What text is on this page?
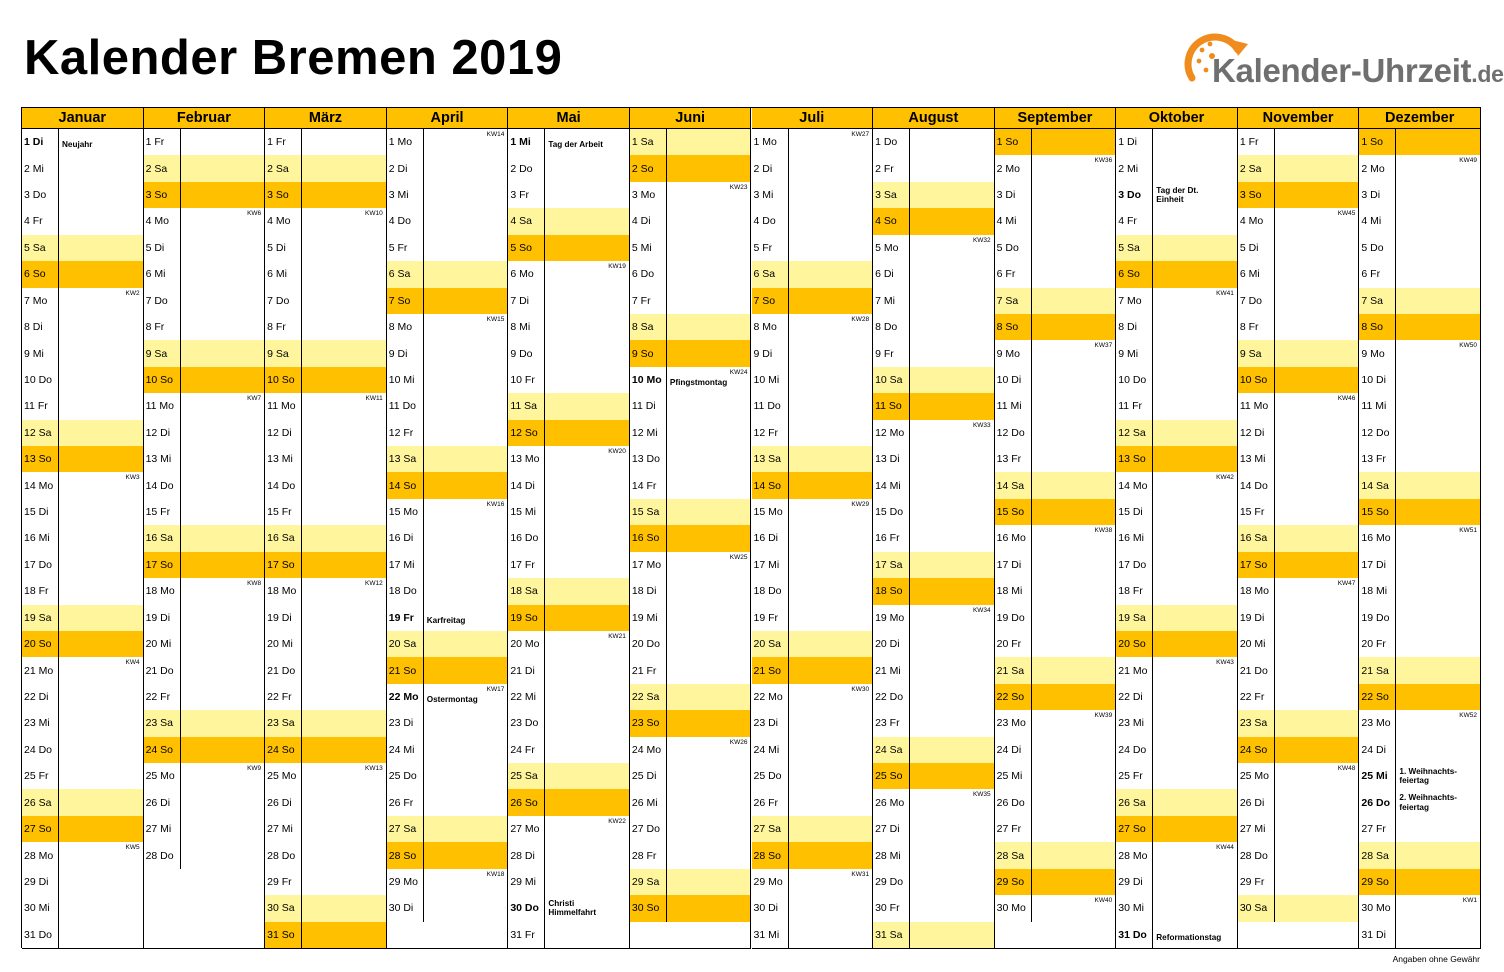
Kalender Bremen 2019	Kalender-Uhrzeit.de
Januar
1 Di Neujahr
2 Mi
3 Do
4 Fr
5 Sa
6 So
7 Mo
KW2
8 Di
9 Mi
10 Do
11 Fr
12 Sa
13 So
14 Mo
KW3
15 Di
16 Mi
17 Do
18 Fr
19 Sa
20 So
21 Mo
KW4
22 Di
23 Mi
24 Do
25 Fr
26 Sa
27 So
28 Mo
KW5
29 Di
30 Mi
31 Do
Februar
1 Fr
2 Sa
3 So
4 Mo
KW6
5 Di
6 Mi
7 Do
8 Fr
9 Sa
10 So
11 Mo
KW7
12 Di
13 Mi
14 Do
15 Fr
16 Sa
17 So
18 Mo
KW8
19 Di
20 Mi
21 Do
22 Fr
23 Sa
24 So
25 Mo
KW9
26 Di
27 Mi
28 Do
März
1 Fr
2 Sa
3 So
4 Mo
KW10
5 Di
6 Mi
7 Do
8 Fr
9 Sa
10 So
11 Mo
KW11
12 Di
13 Mi
14 Do
15 Fr
16 Sa
17 So
18 Mo
KW12
19 Di
20 Mi
21 Do
22 Fr
23 Sa
24 So
25 Mo
KW13
26 Di
27 Mi
28 Do
29 Fr
30 Sa
31 So
April
1 Mo
KW14
2 Di
3 Mi
4 Do
5 Fr
6 Sa
7 So
8 Mo
KW15
9 Di
10 Mi
11 Do
12 Fr
13 Sa
14 So
15 Mo
KW16
16 Di
17 Mi
18 Do
19 Fr Karfreitag
20 Sa
21 So
22 Mo Ostermontag
KW17
23 Di
24 Mi
25 Do
26 Fr
27 Sa
28 So
29 Mo
KW18
30 Di
Mai
1 Mi Tag der Arbeit
2 Do
3 Fr
4 Sa
5 So
6 Mo
KW19
7 Di
8 Mi
9 Do
10 Fr
11 Sa
12 So
13 Mo
KW20
14 Di
15 Mi
16 Do
17 Fr
18 Sa
19 So
20 Mo
KW21
21 Di
22 Mi
23 Do
24 Fr
25 Sa
26 So
27 Mo
KW22
28 Di
29 Mi
30 Do Christi
Himmelfahrt
31 Fr
Juni
1 Sa
2 So
3 Mo
KW23
4 Di
5 Mi
6 Do
7 Fr
8 Sa
9 So
10 Mo Pfingstmontag
KW24
11 Di
12 Mi
13 Do
14 Fr
15 Sa
16 So
17 Mo
KW25
18 Di
19 Mi
20 Do
21 Fr
22 Sa
23 So
24 Mo
KW26
25 Di
26 Mi
27 Do
28 Fr
29 Sa
30 So
Juli
1 Mo
KW27
2 Di
3 Mi
4 Do
5 Fr
6 Sa
7 So
8 Mo
KW28
9 Di
10 Mi
11 Do
12 Fr
13 Sa
14 So
15 Mo
KW29
16 Di
17 Mi
18 Do
19 Fr
20 Sa
21 So
22 Mo
KW30
23 Di
24 Mi
25 Do
26 Fr
27 Sa
28 So
29 Mo
KW31
30 Di
31 Mi
August
1 Do
2 Fr
3 Sa
4 So
5 Mo
KW32
6 Di
7 Mi
8 Do
9 Fr
10 Sa
11 So
12 Mo
KW33
13 Di
14 Mi
15 Do
16 Fr
17 Sa
18 So
19 Mo
KW34
20 Di
21 Mi
22 Do
23 Fr
24 Sa
25 So
26 Mo
KW35
27 Di
28 Mi
29 Do
30 Fr
31 Sa
September
1 So
2 Mo
KW36
3 Di
4 Mi
5 Do
6 Fr
7 Sa
8 So
9 Mo
KW37
10 Di
11 Mi
12 Do
13 Fr
14 Sa
15 So
16 Mo
KW38
17 Di
18 Mi
19 Do
20 Fr
21 Sa
22 So
23 Mo
KW39
24 Di
25 Mi
26 Do
27 Fr
28 Sa
29 So
30 Mo
KW40
Oktober
1 Di
2 Mi
3 Do Tag der Dt.
Einheit
4 Fr
5 Sa
6 So
7 Mo
KW41
8 Di
9 Mi
10 Do
11 Fr
12 Sa
13 So
14 Mo
KW42
15 Di
16 Mi
17 Do
18 Fr
19 Sa
20 So
21 Mo
KW43
22 Di
23 Mi
24 Do
25 Fr
26 Sa
27 So
28 Mo
KW44
29 Di
30 Mi
31 Do Reformationstag
November
1 Fr
2 Sa
3 So
4 Mo
KW45
5 Di
6 Mi
7 Do
8 Fr
9 Sa
10 So
11 Mo
KW46
12 Di
13 Mi
14 Do
15 Fr
16 Sa
17 So
18 Mo
KW47
19 Di
20 Mi
21 Do
22 Fr
23 Sa
24 So
25 Mo
KW48
26 Di
27 Mi
28 Do
29 Fr
30 Sa
Dezember
1 So
2 Mo
KW49
3 Di
4 Mi
5 Do
6 Fr
7 Sa
8 So
9 Mo
KW50
10 Di
11 Mi
12 Do
13 Fr
14 Sa
15 So
16 Mo
KW51
17 Di
18 Mi
19 Do
20 Fr
21 Sa
22 So
23 Mo
KW52
24 Di
25 Mi 1. Weihnachts-
feiertag
26 Do 2. Weihnachts-
feiertag
27 Fr
28 Sa
29 So
30 Mo
KW1
31 Di
Angaben ohne Gewähr
